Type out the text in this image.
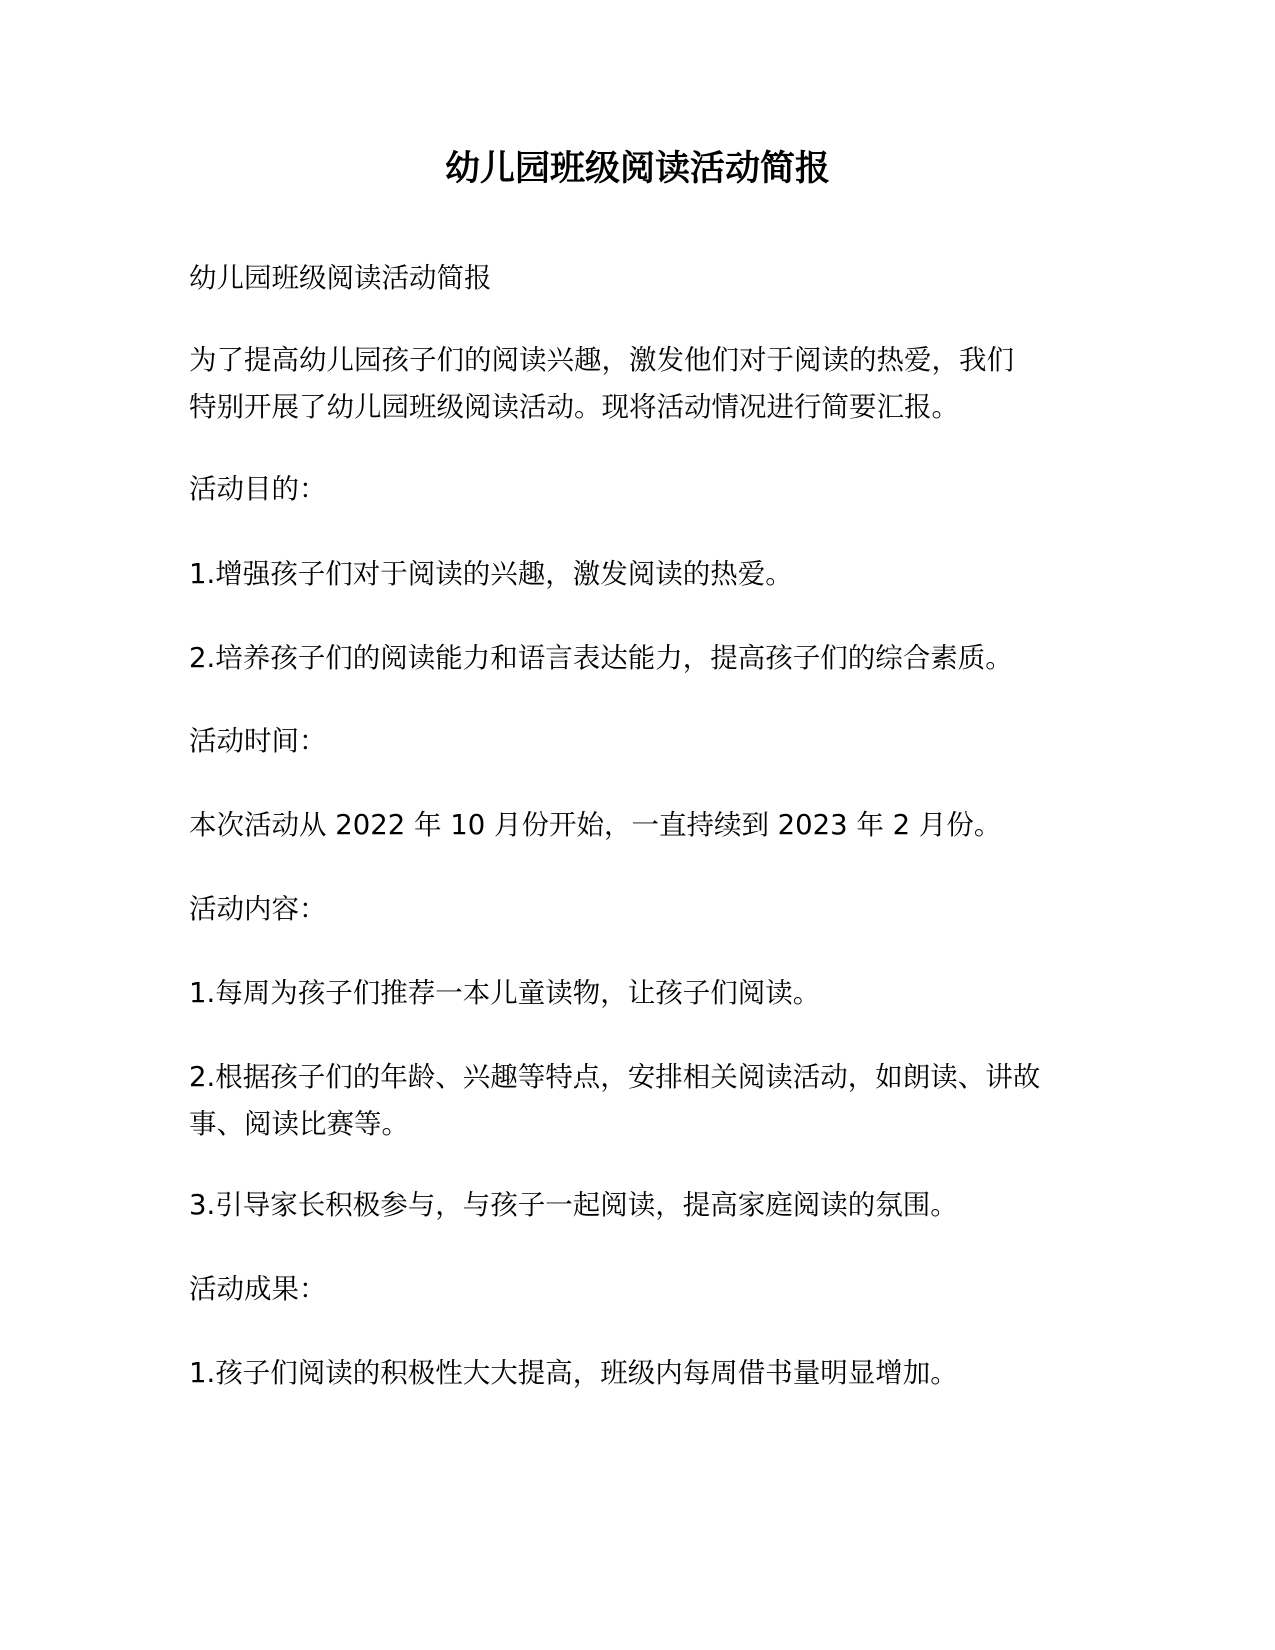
幼儿园班级阅读活动简报

幼儿园班级阅读活动简报

为了提高幼儿园孩子们的阅读兴趣，激发他们对于阅读的热爱，我们
特别开展了幼儿园班级阅读活动。现将活动情况进行简要汇报。

活动目的：

1.增强孩子们对于阅读的兴趣，激发阅读的热爱。

2.培养孩子们的阅读能力和语言表达能力，提高孩子们的综合素质。

活动时间：

本次活动从 2022 年 10 月份开始，一直持续到 2023 年 2 月份。

活动内容：

1.每周为孩子们推荐一本儿童读物，让孩子们阅读。

2.根据孩子们的年龄、兴趣等特点，安排相关阅读活动，如朗读、讲故
事、阅读比赛等。

3.引导家长积极参与，与孩子一起阅读，提高家庭阅读的氛围。

活动成果：

1.孩子们阅读的积极性大大提高，班级内每周借书量明显增加。
